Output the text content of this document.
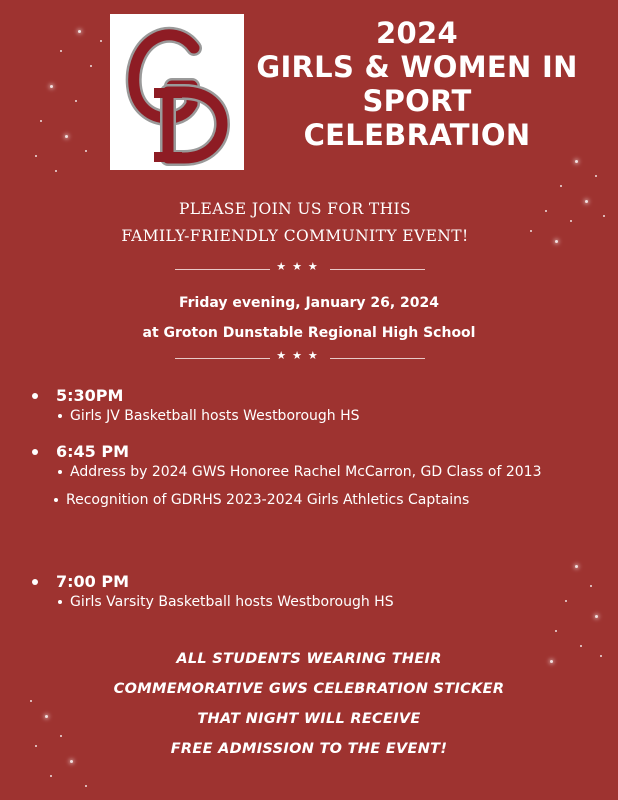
2024
GIRLS & WOMEN IN
SPORT
CELEBRATION
PLEASE JOIN US FOR THIS
FAMILY-FRIENDLY COMMUNITY EVENT!
★★★
Friday evening, January 26, 2024
at Groton Dunstable Regional High School
★★★
5:30PM
Girls JV Basketball hosts Westborough HS
6:45 PM
Address by 2024 GWS Honoree Rachel McCarron, GD Class of 2013
Recognition of GDRHS 2023-2024 Girls Athletics Captains
7:00 PM
Girls Varsity Basketball hosts Westborough HS
ALL STUDENTS WEARING THEIR
COMMEMORATIVE GWS CELEBRATION STICKER
THAT NIGHT WILL RECEIVE
FREE ADMISSION TO THE EVENT!
